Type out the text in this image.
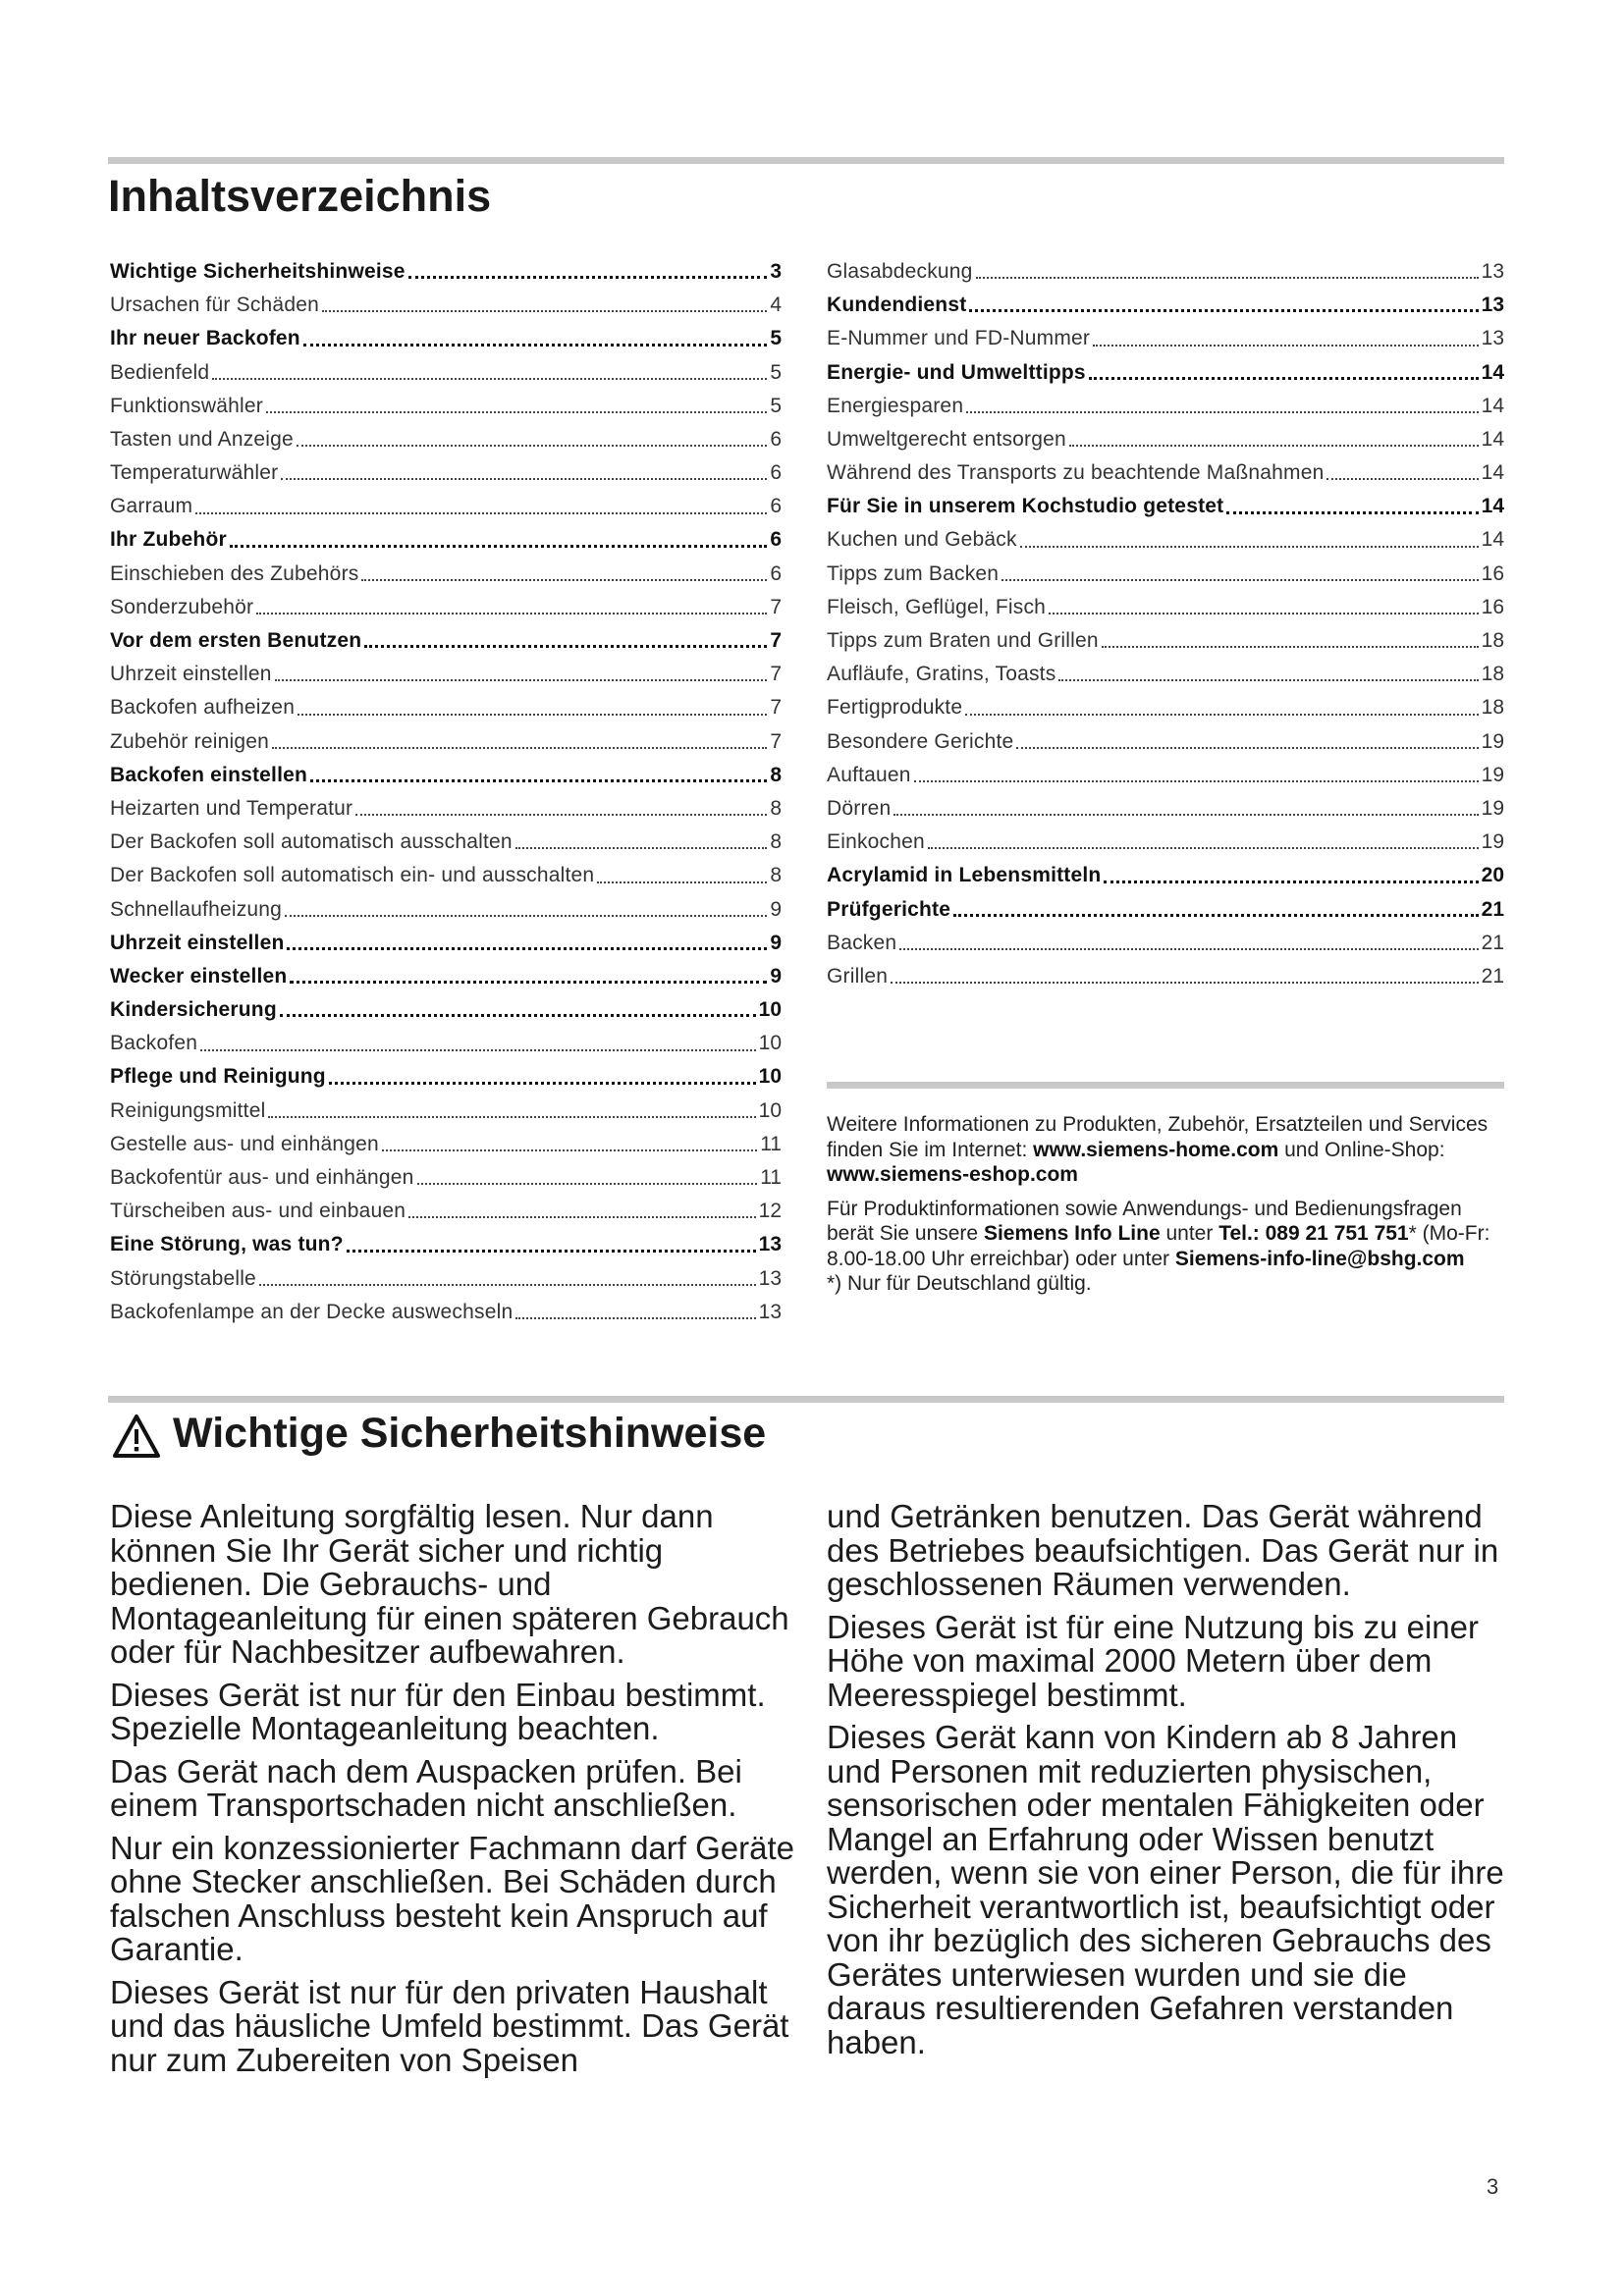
Inhaltsverzeichnis
Wichtige Sicherheitshinweise	3
Ursachen für Schäden	4
Ihr neuer Backofen	5
Bedienfeld	5
Funktionswähler	5
Tasten und Anzeige	6
Temperaturwähler	6
Garraum	6
Ihr Zubehör	6
Einschieben des Zubehörs	6
Sonderzubehör	7
Vor dem ersten Benutzen	7
Uhrzeit einstellen	7
Backofen aufheizen	7
Zubehör reinigen	7
Backofen einstellen	8
Heizarten und Temperatur	8
Der Backofen soll automatisch ausschalten	8
Der Backofen soll automatisch ein- und ausschalten	8
Schnellaufheizung	9
Uhrzeit einstellen	9
Wecker einstellen	9
Kindersicherung	10
Backofen	10
Pflege und Reinigung	10
Reinigungsmittel	10
Gestelle aus- und einhängen	11
Backofentür aus- und einhängen	11
Türscheiben aus- und einbauen	12
Eine Störung, was tun?	13
Störungstabelle	13
Backofenlampe an der Decke auswechseln	13
Glasabdeckung	13
Kundendienst	13
E-Nummer und FD-Nummer	13
Energie- und Umwelttipps	14
Energiesparen	14
Umweltgerecht entsorgen	14
Während des Transports zu beachtende Maßnahmen	14
Für Sie in unserem Kochstudio getestet	14
Kuchen und Gebäck	14
Tipps zum Backen	16
Fleisch, Geflügel, Fisch	16
Tipps zum Braten und Grillen	18
Aufläufe, Gratins, Toasts	18
Fertigprodukte	18
Besondere Gerichte	19
Auftauen	19
Dörren	19
Einkochen	19
Acrylamid in Lebensmitteln	20
Prüfgerichte	21
Backen	21
Grillen	21

Weitere Informationen zu Produkten, Zubehör, Ersatzteilen und Services finden Sie im Internet: www.siemens-home.com und Online-Shop: www.siemens-eshop.com

Für Produktinformationen sowie Anwendungs- und Bedienungsfragen berät Sie unsere Siemens Info Line unter Tel.: 089 21 751 751* (Mo-Fr: 8.00-18.00 Uhr erreichbar) oder unter Siemens-info-line@bshg.com

*) Nur für Deutschland gültig.

Wichtige Sicherheitshinweise

Diese Anleitung sorgfältig lesen. Nur dann können Sie Ihr Gerät sicher und richtig bedienen. Die Gebrauchs- und Montageanleitung für einen späteren Gebrauch oder für Nachbesitzer aufbewahren.

Dieses Gerät ist nur für den Einbau bestimmt. Spezielle Montageanleitung beachten.

Das Gerät nach dem Auspacken prüfen. Bei einem Transportschaden nicht anschließen.

Nur ein konzessionierter Fachmann darf Geräte ohne Stecker anschließen. Bei Schäden durch falschen Anschluss besteht kein Anspruch auf Garantie.

Dieses Gerät ist nur für den privaten Haushalt und das häusliche Umfeld bestimmt. Das Gerät nur zum Zubereiten von Speisen

und Getränken benutzen. Das Gerät während des Betriebes beaufsichtigen. Das Gerät nur in geschlossenen Räumen verwenden.

Dieses Gerät ist für eine Nutzung bis zu einer Höhe von maximal 2000 Metern über dem Meeresspiegel bestimmt.

Dieses Gerät kann von Kindern ab 8 Jahren und Personen mit reduzierten physischen, sensorischen oder mentalen Fähigkeiten oder Mangel an Erfahrung oder Wissen benutzt werden, wenn sie von einer Person, die für ihre Sicherheit verantwortlich ist, beaufsichtigt oder von ihr bezüglich des sicheren Gebrauchs des Gerätes unterwiesen wurden und sie die daraus resultierenden Gefahren verstanden haben.

3
